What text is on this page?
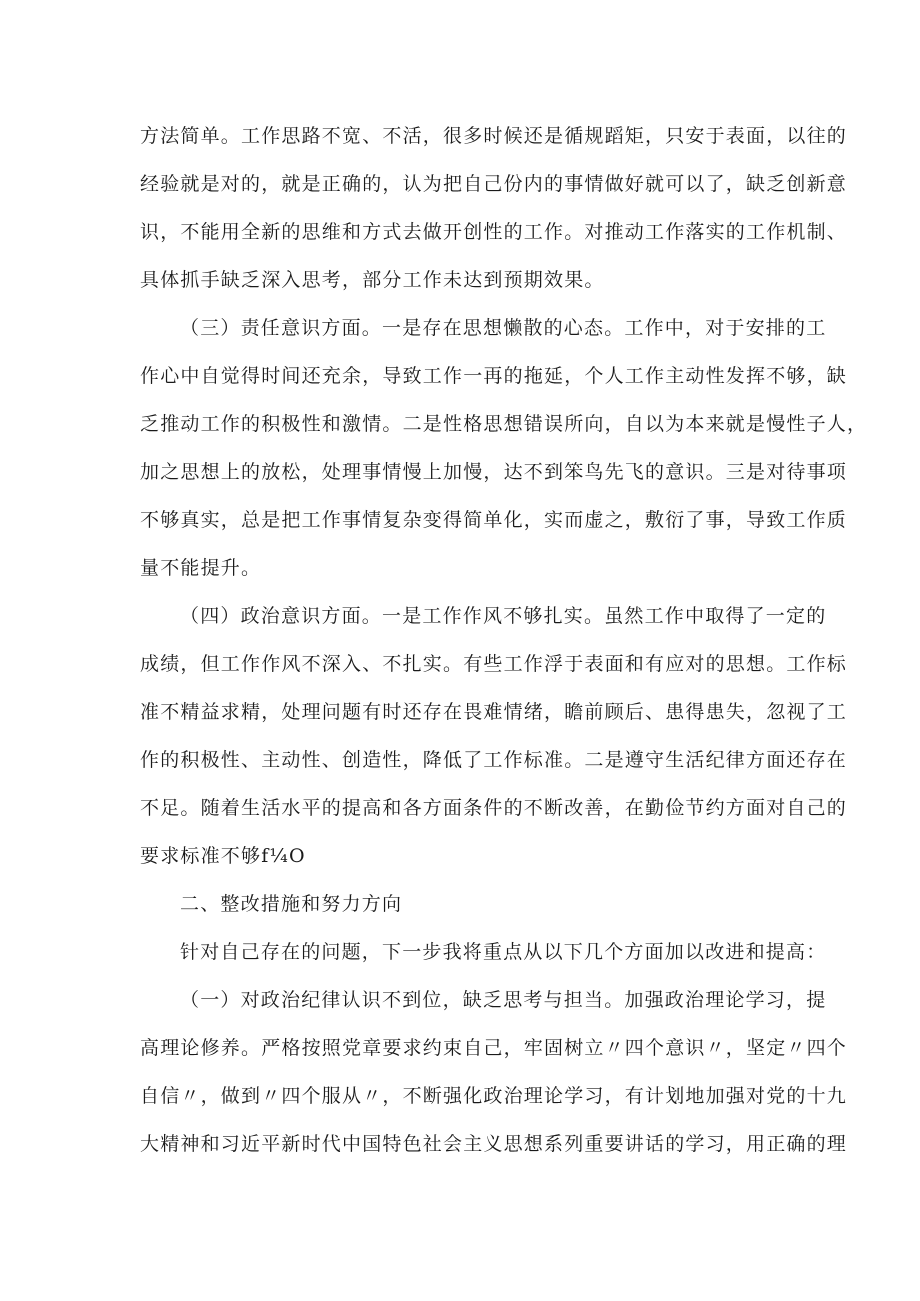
方法简单。工作思路不宽、不活，很多时候还是循规蹈矩，只安于表面，以往的
经验就是对的，就是正确的，认为把自己份内的事情做好就可以了，缺乏创新意
识，不能用全新的思维和方式去做开创性的工作。对推动工作落实的工作机制、
具体抓手缺乏深入思考，部分工作未达到预期效果。
（三）责任意识方面。一是存在思想懒散的心态。工作中，对于安排的工
作心中自觉得时间还充余，导致工作一再的拖延，个人工作主动性发挥不够，缺
乏推动工作的积极性和激情。二是性格思想错误所向，自以为本来就是慢性子人，
加之思想上的放松，处理事情慢上加慢，达不到笨鸟先飞的意识。三是对待事项
不够真实，总是把工作事情复杂变得简单化，实而虚之，敷衍了事，导致工作质
量不能提升。
（四）政治意识方面。一是工作作风不够扎实。虽然工作中取得了一定的
成绩，但工作作风不深入、不扎实。有些工作浮于表面和有应对的思想。工作标
准不精益求精，处理问题有时还存在畏难情绪，瞻前顾后、患得患失，忽视了工
作的积极性、主动性、创造性，降低了工作标准。二是遵守生活纪律方面还存在
不足。随着生活水平的提高和各方面条件的不断改善，在勤俭节约方面对自己的
要求标准不够f¼O
二、整改措施和努力方向
针对自己存在的问题，下一步我将重点从以下几个方面加以改进和提高：
（一）对政治纪律认识不到位，缺乏思考与担当。加强政治理论学习，提
高理论修养。严格按照党章要求约束自己，牢固树立〃四个意识〃，坚定〃四个
自信〃，做到〃四个服从〃，不断强化政治理论学习，有计划地加强对党的十九
大精神和习近平新时代中国特色社会主义思想系列重要讲话的学习，用正确的理
